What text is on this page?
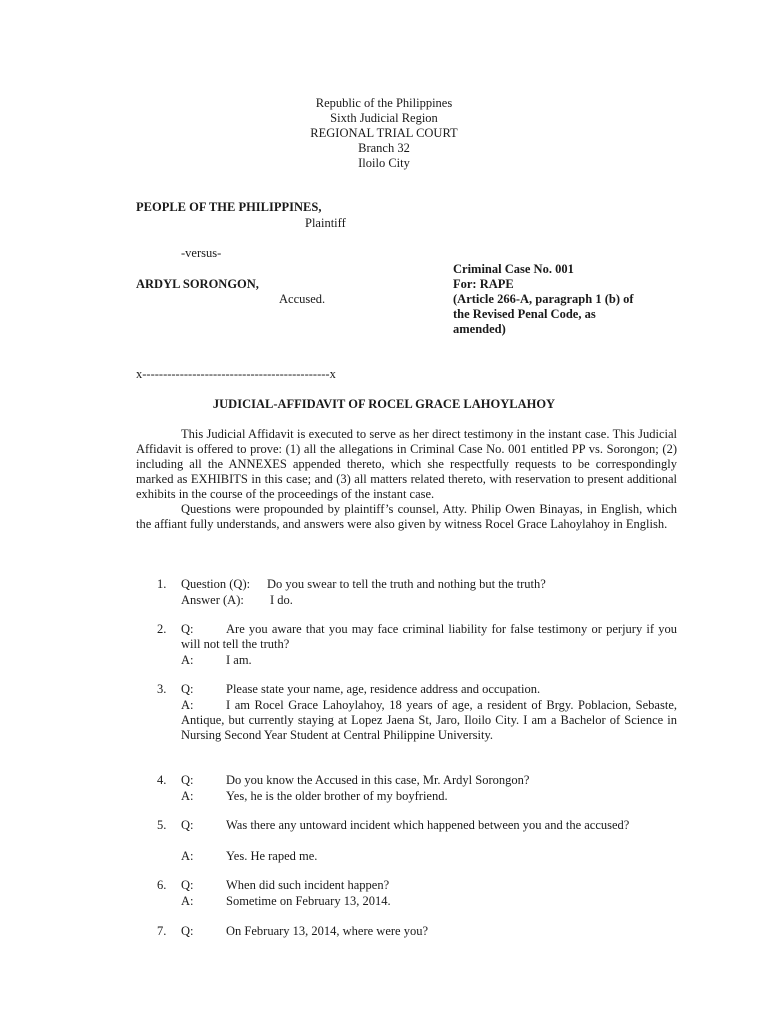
Republic of the Philippines
Sixth Judicial Region
REGIONAL TRIAL COURT
Branch 32
Iloilo City
PEOPLE OF THE PHILIPPINES,
Plaintiff
-versus-
ARDYL SORONGON,
Accused.
Criminal Case No. 001
For: RAPE
(Article 266-A, paragraph 1 (b) of
the Revised Penal Code, as
amended)
x---------------------------------------------x
JUDICIAL-AFFIDAVIT OF ROCEL GRACE LAHOYLAHOY

This Judicial Affidavit is executed to serve as her direct testimony in the instant case. This Judicial Affidavit is offered to prove: (1) all the allegations in Criminal Case No. 001 entitled PP vs. Sorongon; (2) including all the ANNEXES appended thereto, which she respectfully requests to be correspondingly marked as EXHIBITS in this case; and (3) all matters related thereto, with reservation to present additional exhibits in the course of the proceedings of the instant case.

Questions were propounded by plaintiff’s counsel, Atty. Philip Owen Binayas, in English, which the affiant fully understands, and answers were also given by witness Rocel Grace Lahoylahoy in English.

1. Question (Q): Do you swear to tell the truth and nothing but the truth?
Answer (A): I do.
2. Q:	Are you aware that you may face criminal liability for false testimony or perjury if you will not tell the truth?
A:	I am.
3. Q:	Please state your name, age, residence address and occupation.
A:	I am Rocel Grace Lahoylahoy, 18 years of age, a resident of Brgy. Poblacion, Sebaste, Antique, but currently staying at Lopez Jaena St, Jaro, Iloilo City. I am a Bachelor of Science in Nursing Second Year Student at Central Philippine University.
4. Q:	Do you know the Accused in this case, Mr. Ardyl Sorongon?
A:	Yes, he is the older brother of my boyfriend.
5. Q:	Was there any untoward incident which happened between you and the accused?
A:	Yes. He raped me.
6. Q:	When did such incident happen?
A:	Sometime on February 13, 2014.
7. Q:	On February 13, 2014, where were you?
